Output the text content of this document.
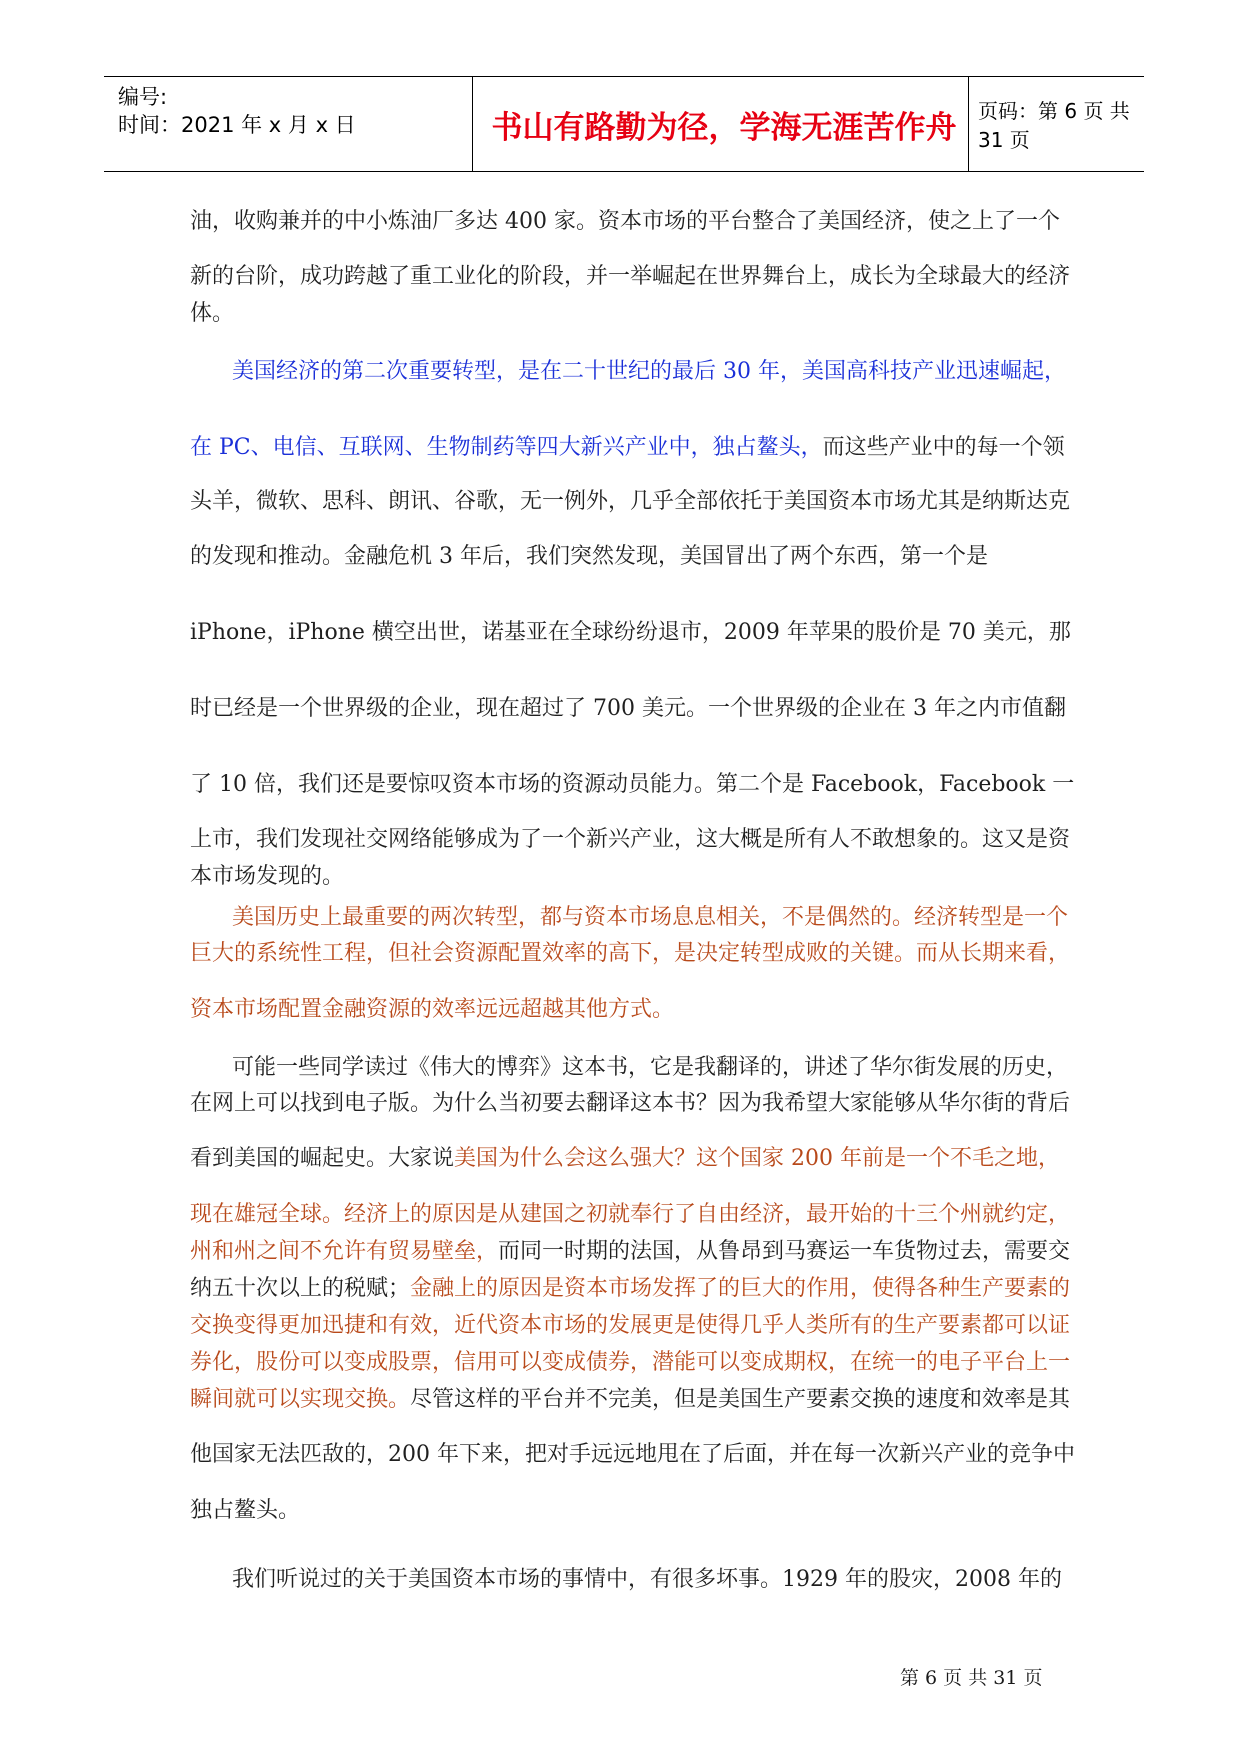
编号:
时间：2021 年 x 月 x 日	书山有路勤为径，学海无涯苦作舟	页码：第 6 页 共 31 页
油，收购兼并的中小炼油厂多达 400 家。资本市场的平台整合了美国经济，使之上了一个
新的台阶，成功跨越了重工业化的阶段，并一举崛起在世界舞台上，成长为全球最大的经济
体。
美国经济的第二次重要转型，是在二十世纪的最后 30 年，美国高科技产业迅速崛起，
在 PC、电信、互联网、生物制药等四大新兴产业中，独占鳌头，而这些产业中的每一个领
头羊，微软、思科、朗讯、谷歌，无一例外，几乎全部依托于美国资本市场尤其是纳斯达克
的发现和推动。金融危机 3 年后，我们突然发现，美国冒出了两个东西，第一个是
iPhone，iPhone 横空出世，诺基亚在全球纷纷退市，2009 年苹果的股价是 70 美元，那
时已经是一个世界级的企业，现在超过了 700 美元。一个世界级的企业在 3 年之内市值翻
了 10 倍，我们还是要惊叹资本市场的资源动员能力。第二个是 Facebook，Facebook 一
上市，我们发现社交网络能够成为了一个新兴产业，这大概是所有人不敢想象的。这又是资
本市场发现的。
美国历史上最重要的两次转型，都与资本市场息息相关，不是偶然的。经济转型是一个
巨大的系统性工程，但社会资源配置效率的高下，是决定转型成败的关键。而从长期来看，
资本市场配置金融资源的效率远远超越其他方式。
可能一些同学读过《伟大的博弈》这本书，它是我翻译的，讲述了华尔街发展的历史，
在网上可以找到电子版。为什么当初要去翻译这本书？因为我希望大家能够从华尔街的背后
看到美国的崛起史。大家说美国为什么会这么强大？这个国家 200 年前是一个不毛之地，
现在雄冠全球。经济上的原因是从建国之初就奉行了自由经济，最开始的十三个州就约定，
州和州之间不允许有贸易壁垒，而同一时期的法国，从鲁昂到马赛运一车货物过去，需要交
纳五十次以上的税赋；金融上的原因是资本市场发挥了的巨大的作用，使得各种生产要素的
交换变得更加迅捷和有效，近代资本市场的发展更是使得几乎人类所有的生产要素都可以证
券化，股份可以变成股票，信用可以变成债券，潜能可以变成期权，在统一的电子平台上一
瞬间就可以实现交换。尽管这样的平台并不完美，但是美国生产要素交换的速度和效率是其
他国家无法匹敌的，200 年下来，把对手远远地甩在了后面，并在每一次新兴产业的竞争中
独占鳌头。
我们听说过的关于美国资本市场的事情中，有很多坏事。1929 年的股灾，2008 年的
第 6 页 共 31 页
